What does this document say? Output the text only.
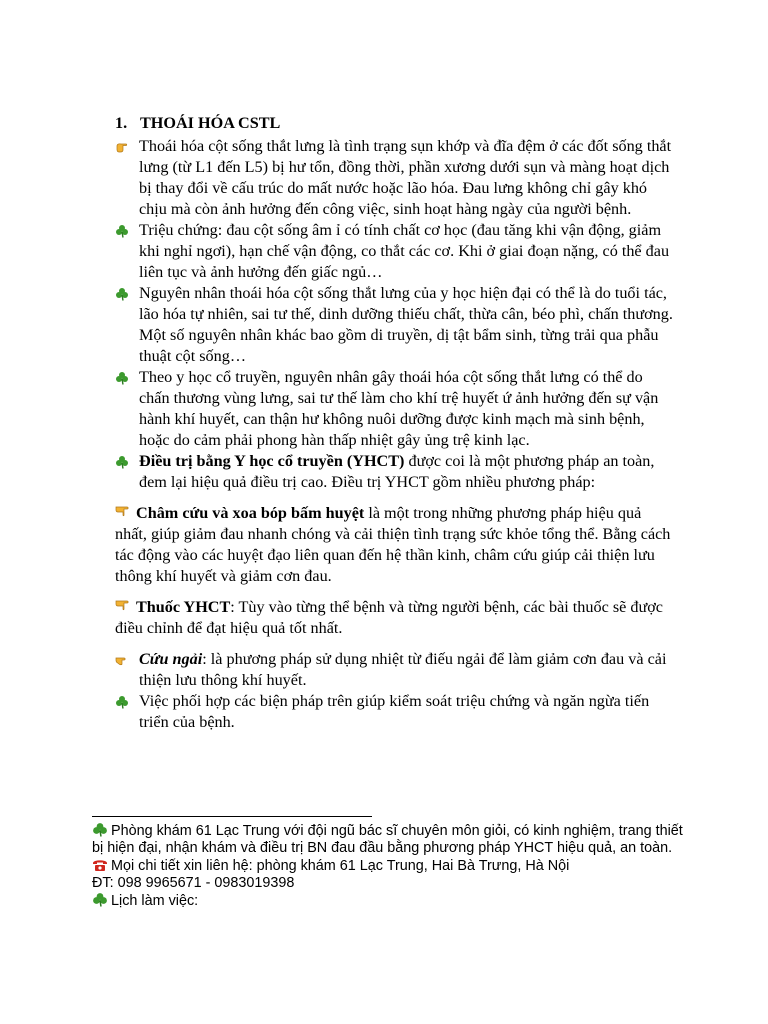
1. THOÁI HÓA CSTL

Thoái hóa cột sống thắt lưng là tình trạng sụn khớp và đĩa đệm ở các đốt sống thắt lưng (từ L1 đến L5) bị hư tổn, đồng thời, phần xương dưới sụn và màng hoạt dịch bị thay đổi về cấu trúc do mất nước hoặc lão hóa. Đau lưng không chỉ gây khó chịu mà còn ảnh hưởng đến công việc, sinh hoạt hàng ngày của người bệnh.

Triệu chứng: đau cột sống âm ỉ có tính chất cơ học (đau tăng khi vận động, giảm khi nghỉ ngơi), hạn chế vận động, co thắt các cơ. Khi ở giai đoạn nặng, có thể đau liên tục và ảnh hưởng đến giấc ngủ…

Nguyên nhân thoái hóa cột sống thắt lưng của y học hiện đại có thể là do tuổi tác, lão hóa tự nhiên, sai tư thế, dinh dưỡng thiếu chất, thừa cân, béo phì, chấn thương. Một số nguyên nhân khác bao gồm di truyền, dị tật bẩm sinh, từng trải qua phẫu thuật cột sống…

Theo y học cổ truyền, nguyên nhân gây thoái hóa cột sống thắt lưng có thể do chấn thương vùng lưng, sai tư thế làm cho khí trệ huyết ứ ảnh hưởng đến sự vận hành khí huyết, can thận hư không nuôi dưỡng được kinh mạch mà sinh bệnh, hoặc do cảm phải phong hàn thấp nhiệt gây ủng trệ kinh lạc.

Điều trị bằng Y học cổ truyền (YHCT) được coi là một phương pháp an toàn, đem lại hiệu quả điều trị cao. Điều trị YHCT gồm nhiều phương pháp:

Châm cứu và xoa bóp bấm huyệt là một trong những phương pháp hiệu quả nhất, giúp giảm đau nhanh chóng và cải thiện tình trạng sức khỏe tổng thể. Bằng cách tác động vào các huyệt đạo liên quan đến hệ thần kinh, châm cứu giúp cải thiện lưu thông khí huyết và giảm cơn đau.

Thuốc YHCT: Tùy vào từng thể bệnh và từng người bệnh, các bài thuốc sẽ được điều chỉnh để đạt hiệu quả tốt nhất.

Cứu ngải: là phương pháp sử dụng nhiệt từ điếu ngải để làm giảm cơn đau và cải thiện lưu thông khí huyết.

Việc phối hợp các biện pháp trên giúp kiểm soát triệu chứng và ngăn ngừa tiến triển của bệnh.

Phòng khám 61 Lạc Trung với đội ngũ bác sĩ chuyên môn giỏi, có kinh nghiệm, trang thiết bị hiện đại, nhận khám và điều trị BN đau đầu bằng phương pháp YHCT hiệu quả, an toàn.

Mọi chi tiết xin liên hệ: phòng khám 61 Lạc Trung, Hai Bà Trưng, Hà Nội

ĐT: 098 9965671 - 0983019398

Lịch làm việc:
